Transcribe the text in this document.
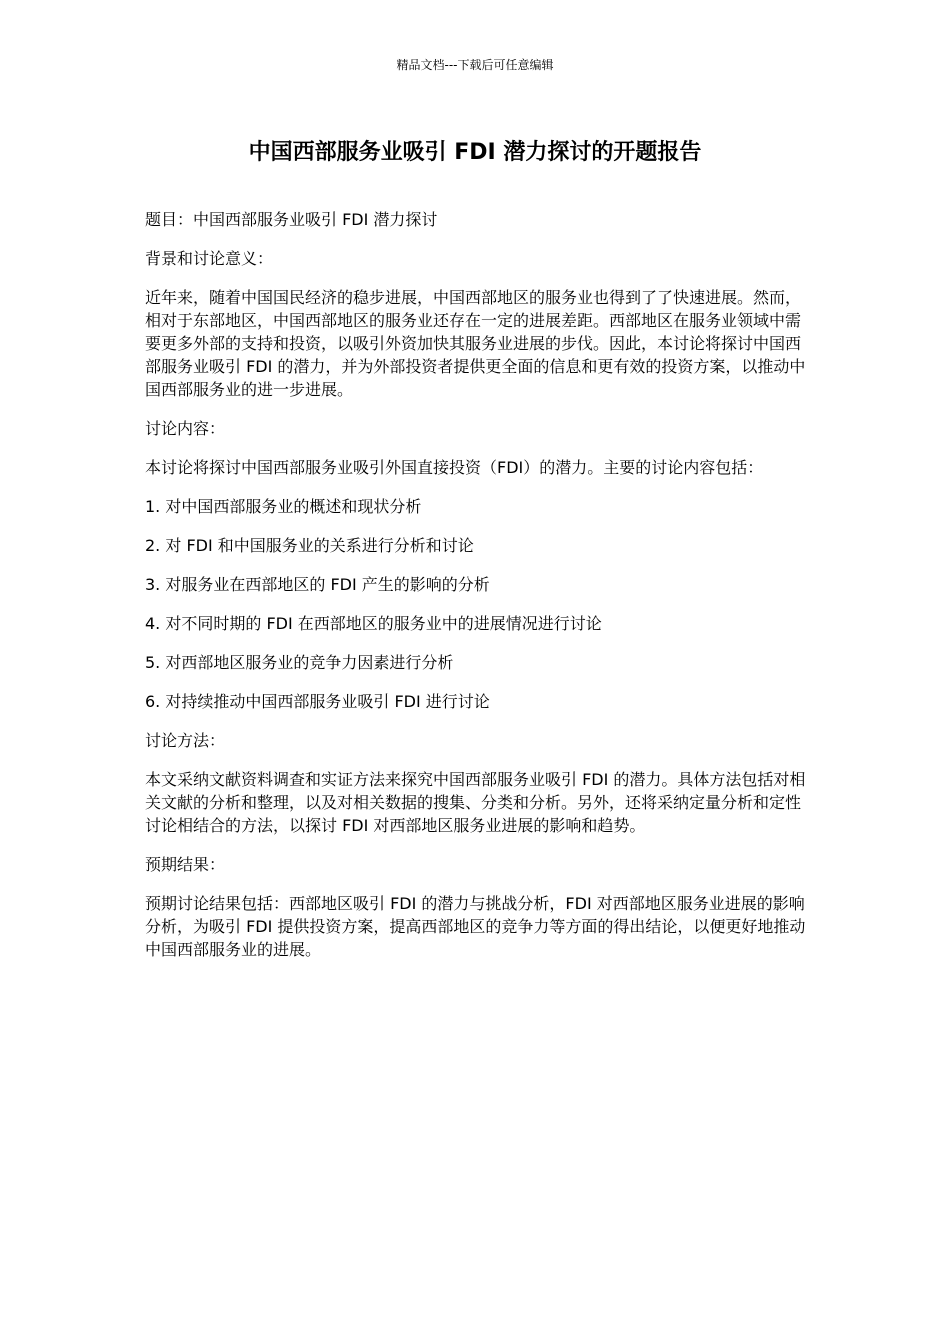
精品文档---下载后可任意编辑
中国西部服务业吸引 FDI 潜力探讨的开题报告

题目：中国西部服务业吸引 FDI 潜力探讨

背景和讨论意义：

近年来，随着中国国民经济的稳步进展，中国西部地区的服务业也得到了了快速进展。然而，相对于东部地区，中国西部地区的服务业还存在一定的进展差距。西部地区在服务业领域中需要更多外部的支持和投资，以吸引外资加快其服务业进展的步伐。因此，本讨论将探讨中国西部服务业吸引 FDI 的潜力，并为外部投资者提供更全面的信息和更有效的投资方案，以推动中国西部服务业的进一步进展。

讨论内容：

本讨论将探讨中国西部服务业吸引外国直接投资（FDI）的潜力。主要的讨论内容包括：

1. 对中国西部服务业的概述和现状分析

2. 对 FDI 和中国服务业的关系进行分析和讨论

3. 对服务业在西部地区的 FDI 产生的影响的分析

4. 对不同时期的 FDI 在西部地区的服务业中的进展情况进行讨论

5. 对西部地区服务业的竞争力因素进行分析

6. 对持续推动中国西部服务业吸引 FDI 进行讨论

讨论方法：

本文采纳文献资料调查和实证方法来探究中国西部服务业吸引 FDI 的潜力。具体方法包括对相关文献的分析和整理，以及对相关数据的搜集、分类和分析。另外，还将采纳定量分析和定性讨论相结合的方法，以探讨 FDI 对西部地区服务业进展的影响和趋势。

预期结果：

预期讨论结果包括：西部地区吸引 FDI 的潜力与挑战分析，FDI 对西部地区服务业进展的影响分析，为吸引 FDI 提供投资方案，提高西部地区的竞争力等方面的得出结论，以便更好地推动中国西部服务业的进展。
